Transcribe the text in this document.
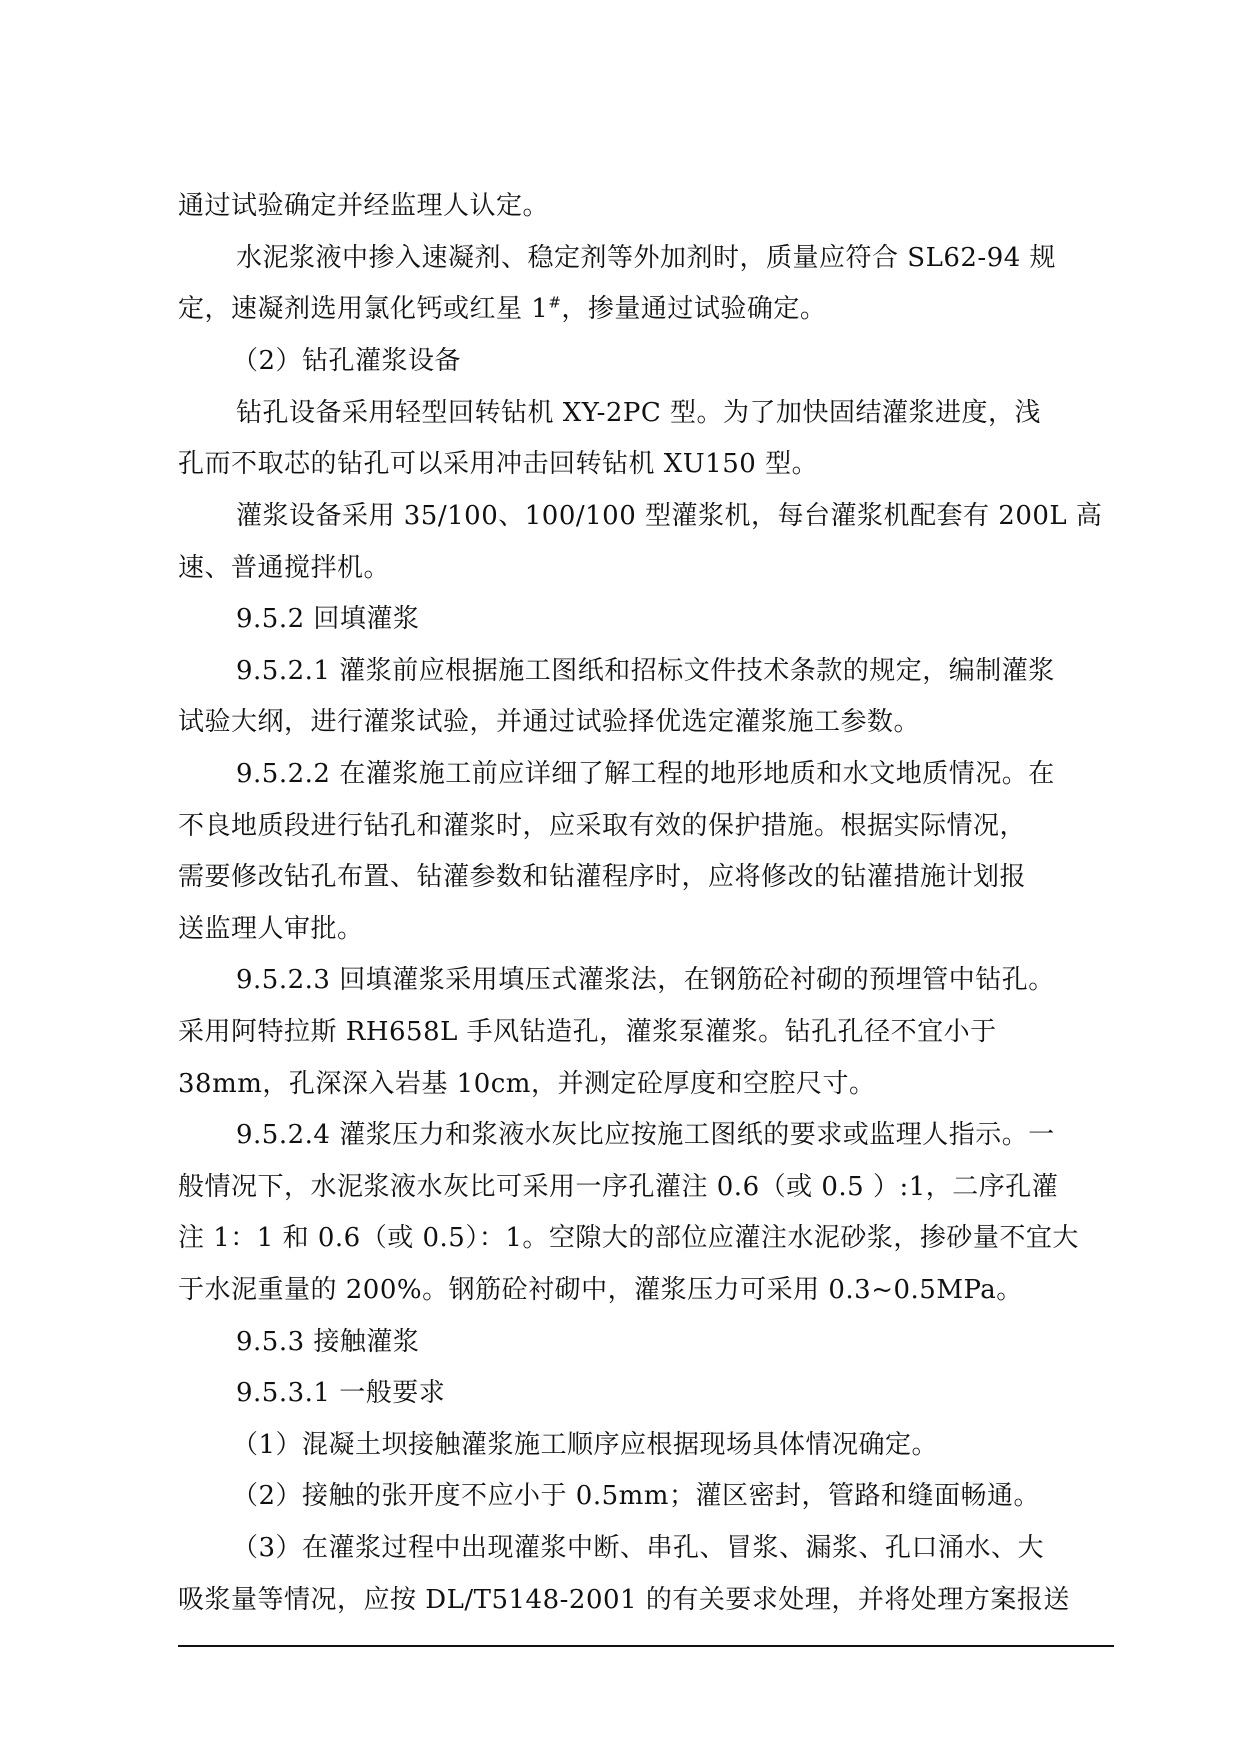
通过试验确定并经监理人认定。
水泥浆液中掺入速凝剂、稳定剂等外加剂时，质量应符合 SL62-94 规
定，速凝剂选用氯化钙或红星 1#，掺量通过试验确定。
（2）钻孔灌浆设备
钻孔设备采用轻型回转钻机 XY-2PC 型。为了加快固结灌浆进度，浅
孔而不取芯的钻孔可以采用冲击回转钻机 XU150 型。
灌浆设备采用 35/100、100/100 型灌浆机，每台灌浆机配套有 200L 高
速、普通搅拌机。
9.5.2 回填灌浆
9.5.2.1 灌浆前应根据施工图纸和招标文件技术条款的规定，编制灌浆
试验大纲，进行灌浆试验，并通过试验择优选定灌浆施工参数。
9.5.2.2 在灌浆施工前应详细了解工程的地形地质和水文地质情况。在
不良地质段进行钻孔和灌浆时，应采取有效的保护措施。根据实际情况，
需要修改钻孔布置、钻灌参数和钻灌程序时，应将修改的钻灌措施计划报
送监理人审批。
9.5.2.3 回填灌浆采用填压式灌浆法，在钢筋砼衬砌的预埋管中钻孔。
采用阿特拉斯 RH658L 手风钻造孔，灌浆泵灌浆。钻孔孔径不宜小于
38mm，孔深深入岩基 10cm，并测定砼厚度和空腔尺寸。
9.5.2.4 灌浆压力和浆液水灰比应按施工图纸的要求或监理人指示。一
般情况下，水泥浆液水灰比可采用一序孔灌注 0.6（或 0.5 ）:1，二序孔灌
注 1：1 和 0.6（或 0.5）：1。空隙大的部位应灌注水泥砂浆，掺砂量不宜大
于水泥重量的 200%。钢筋砼衬砌中，灌浆压力可采用 0.3~0.5MPa。
9.5.3 接触灌浆
9.5.3.1 一般要求
（1）混凝土坝接触灌浆施工顺序应根据现场具体情况确定。
（2）接触的张开度不应小于 0.5mm；灌区密封，管路和缝面畅通。
（3）在灌浆过程中出现灌浆中断、串孔、冒浆、漏浆、孔口涌水、大
吸浆量等情况，应按 DL/T5148-2001 的有关要求处理，并将处理方案报送
